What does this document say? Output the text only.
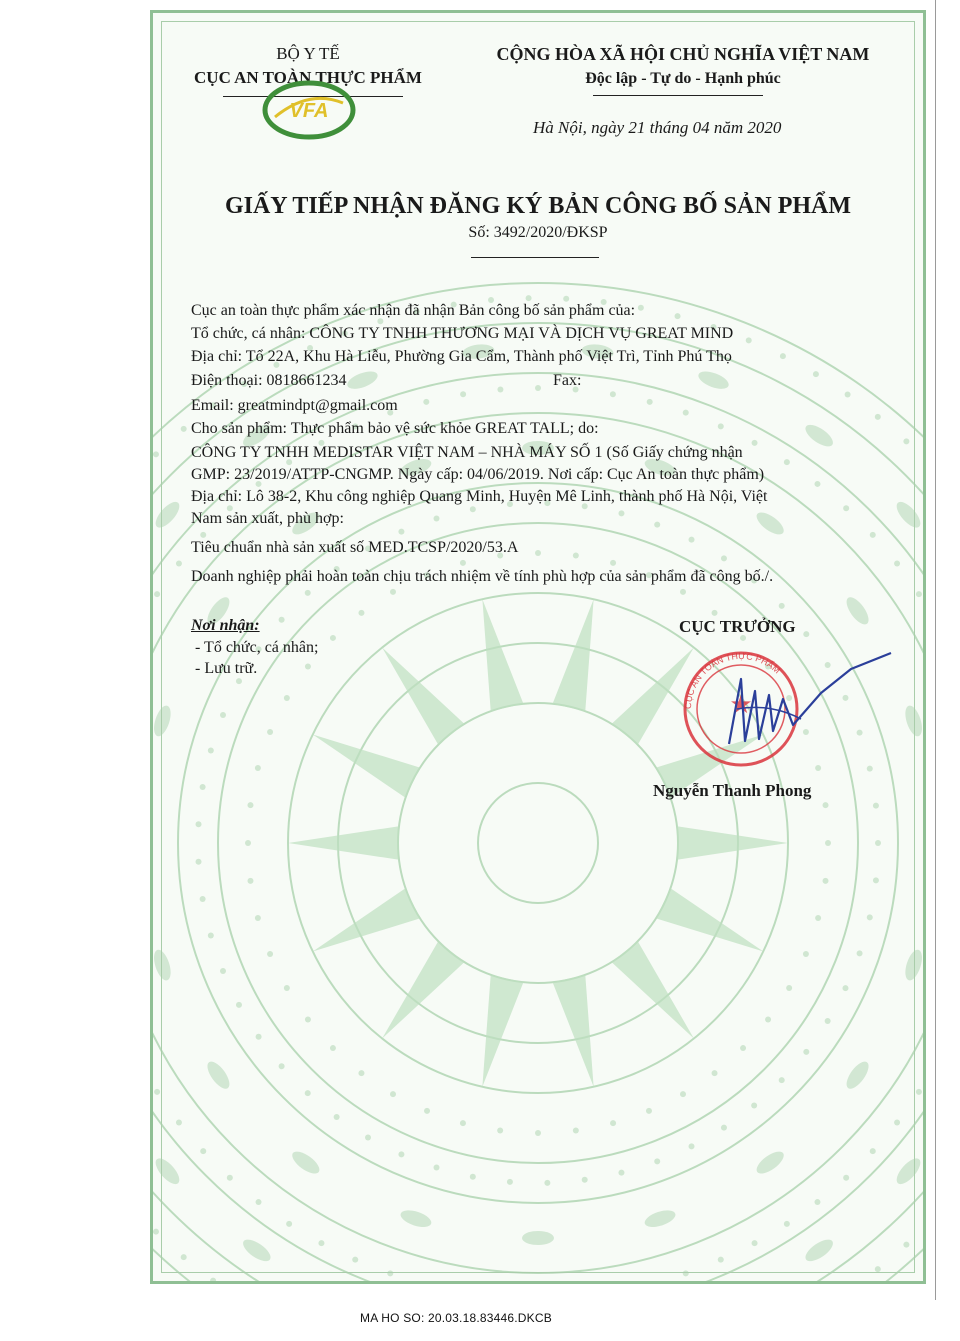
BỘ Y TẾ
CỤC AN TOÀN THỰC PHẨM
VFA
CỘNG HÒA XÃ HỘI CHỦ NGHĨA VIỆT NAM
Độc lập - Tự do - Hạnh phúc
Hà Nội, ngày 21 tháng 04 năm 2020
GIẤY TIẾP NHẬN ĐĂNG KÝ BẢN CÔNG BỐ SẢN PHẨM
Số: 3492/2020/ĐKSP
Cục an toàn thực phẩm xác nhận đã nhận Bản công bố sản phẩm của:
Tổ chức, cá nhân: CÔNG TY TNHH THƯƠNG MẠI VÀ DỊCH VỤ GREAT MIND
Địa chỉ: Tổ 22A, Khu Hà Liễu, Phường Gia Cẩm, Thành phố Việt Trì, Tỉnh Phú Thọ
Điện thoại: 0818661234	Fax:
Email: greatmindpt@gmail.com
Cho sản phẩm: Thực phẩm bảo vệ sức khỏe GREAT TALL; do:
CÔNG TY TNHH MEDISTAR VIỆT NAM – NHÀ MÁY SỐ 1 (Số Giấy chứng nhận
GMP: 23/2019/ATTP-CNGMP. Ngày cấp: 04/06/2019. Nơi cấp: Cục An toàn thực phẩm)
Địa chỉ: Lô 38-2, Khu công nghiệp Quang Minh, Huyện Mê Linh, thành phố Hà Nội, Việt
Nam sản xuất, phù hợp:
Tiêu chuẩn nhà sản xuất số MED.TCSP/2020/53.A
Doanh nghiệp phải hoàn toàn chịu trách nhiệm về tính phù hợp của sản phẩm đã công bố./.
Nơi nhận:
- Tổ chức, cá nhân;
- Lưu trữ.
CỤC TRƯỞNG
CỤC AN TOÀN THỰC PHẨM
★
Nguyễn Thanh Phong
MA HO SO: 20.03.18.83446.DKCB
